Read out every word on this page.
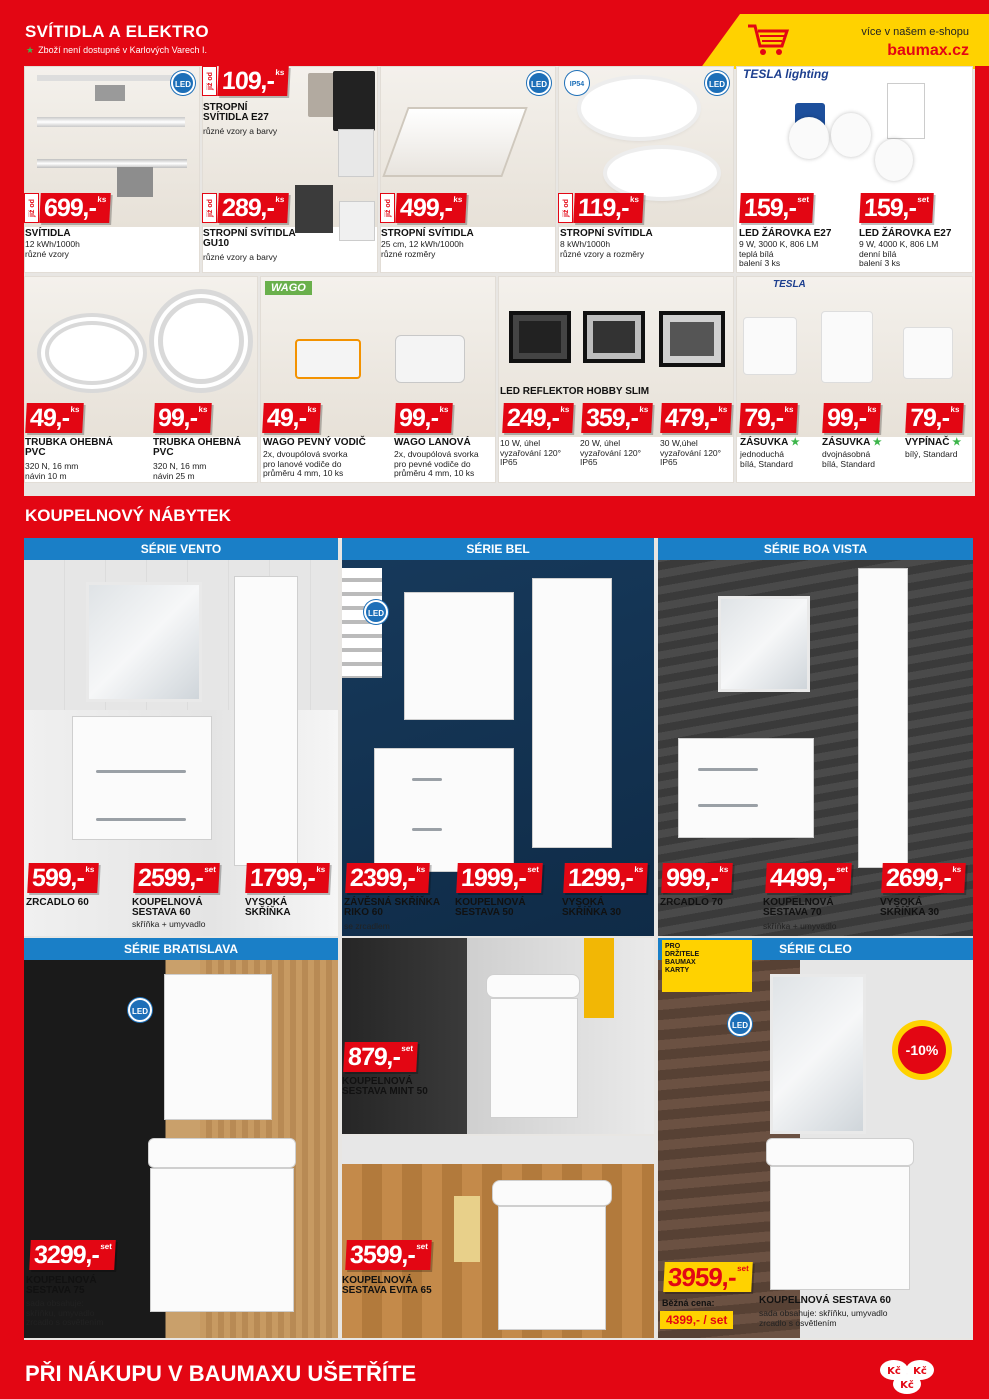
SVÍTIDLA A ELEKTRO
★ Zboží není dostupné v Karlových Varech I.
více v našem e-shopu
baumax.cz
LED
již od 699,-$^{ks}$
SVÍTIDLA
12 kWh/1000h
různé vzory
již od 109,-$^{ks}$
STROPNÍ SVÍTIDLA E27
různé vzory a barvy
již od 289,-$^{ks}$
STROPNÍ SVÍTIDLA GU10
různé vzory a barvy
LED
již od 499,-$^{ks}$
STROPNÍ SVÍTIDLA
25 cm, 12 kWh/1000h
různé rozměry
IP54	LED
již od 119,-$^{ks}$
STROPNÍ SVÍTIDLA
8 kWh/1000h
různé vzory a rozměry
TESLA lighting
159,-$^{set}$
LED ŽÁROVKA E27
9 W, 3000 K, 806 LM
teplá bílá
balení 3 ks
159,-$^{set}$
LED ŽÁROVKA E27
9 W, 4000 K, 806 LM
denní bílá
balení 3 ks
49,-$^{ks}$
TRUBKA OHEBNÁ PVC
320 N, 16 mm
návin 10 m
99,-$^{ks}$
TRUBKA OHEBNÁ PVC
320 N, 16 mm
návin 25 m
WAGO
49,-$^{ks}$
WAGO PEVNÝ VODIČ
2x, dvoupólová svorka
pro lanové vodiče do
průměru 4 mm, 10 ks
99,-$^{ks}$
WAGO LANOVÁ
2x, dvoupólová svorka
pro pevné vodiče do
průměru 4 mm, 10 ks
LED REFLEKTOR HOBBY SLIM
249,-$^{ks}$
10 W, úhel
vyzařování 120°
IP65
359,-$^{ks}$
20 W, úhel
vyzařování 120°
IP65
479,-$^{ks}$
30 W,úhel
vyzařování 120°
IP65
TESLA
79,-$^{ks}$
ZÁSUVKA ★
jednoduchá
bílá, Standard
99,-$^{ks}$
ZÁSUVKA ★
dvojnásobná
bílá, Standard
79,-$^{ks}$
VYPÍNAČ ★
bílý, Standard
KOUPELNOVÝ NÁBYTEK
SÉRIE VENTO
LED
SÉRIE BEL	SÉRIE BOA VISTA
599,-$^{ks}$
ZRCADLO 60
2599,-$^{set}$
KOUPELNOVÁ SESTAVA 60
skříňka + umyvadlo
1799,-$^{ks}$
VYSOKÁ SKŘÍŇKA
2399,-$^{ks}$
ZÁVĚSNÁ SKŘÍŇKA RIKO 60
se zrcadlem
1999,-$^{set}$
KOUPELNOVÁ SESTAVA 50
1299,-$^{ks}$
VYSOKÁ SKŘÍŇKA 30
999,-$^{ks}$
ZRCADLO 70
4499,-$^{set}$
KOUPELNOVÁ SESTAVA 70
skříňka + umyvadlo
2699,-$^{ks}$
VYSOKÁ SKŘÍŇKA 30
LED
SÉRIE BRATISLAVA
3299,-$^{set}$
KOUPELNOVÁ SESTAVA 75
sada obsahuje:
skříňku, umyvadlo
zrcadlo s osvětlením
879,-$^{set}$
KOUPELNOVÁ SESTAVA MINT 50
3599,-$^{set}$
KOUPELNOVÁ SESTAVA EVITA 65
LED
SÉRIE CLEO
PRO
DRŽITELE
BAUMAX
KARTY
-10%
3959,-$^{set}$
Běžná cena:
4399,- / set
KOUPELNOVÁ SESTAVA 60
sada obsahuje: skříňku, umyvadlo
zrcadlo s osvětlením
PŘI NÁKUPU V BAUMAXU UŠETŘÍTE	Kč Kč
Kč
